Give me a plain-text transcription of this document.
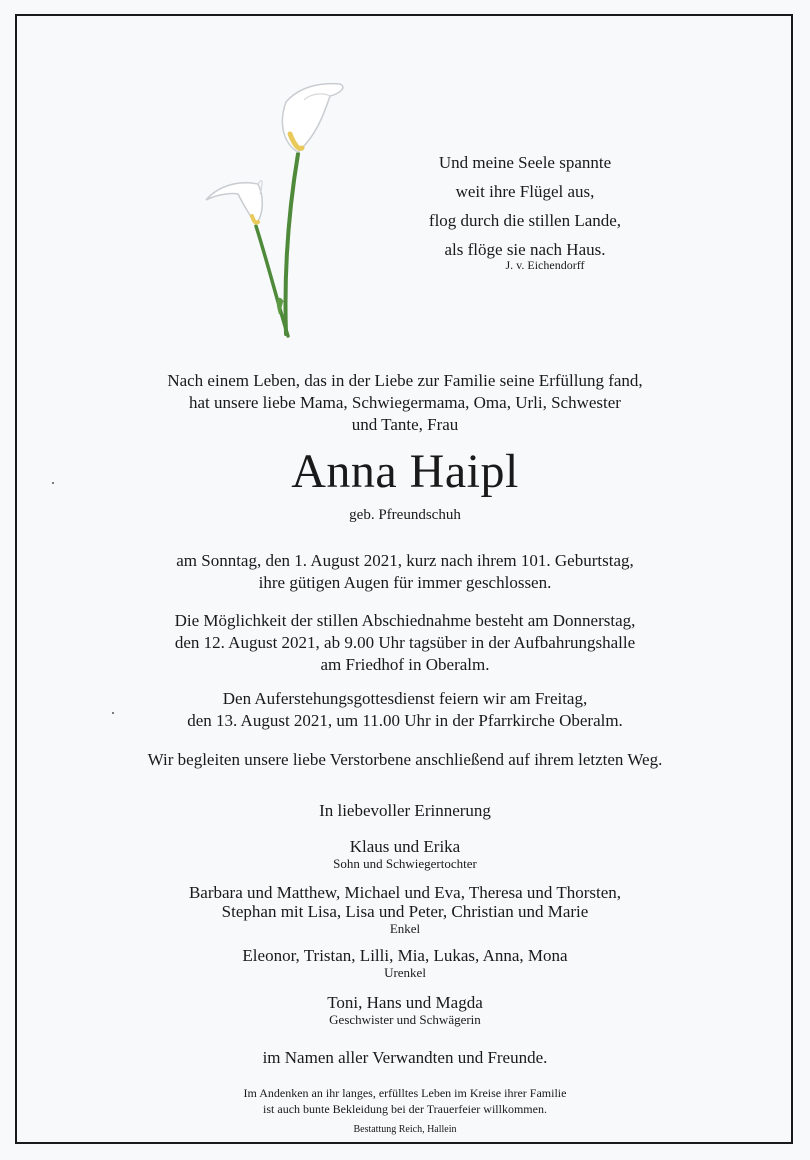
Und meine Seele spannte
weit ihre Flügel aus,
flog durch die stillen Lande,
als flöge sie nach Haus.
J. v. Eichendorff
Nach einem Leben, das in der Liebe zur Familie seine Erfüllung fand,
hat unsere liebe Mama, Schwiegermama, Oma, Urli, Schwester
und Tante, Frau
Anna Haipl
geb. Pfreundschuh
am Sonntag, den 1. August 2021, kurz nach ihrem 101. Geburtstag,
ihre gütigen Augen für immer geschlossen.
Die Möglichkeit der stillen Abschiednahme besteht am Donnerstag,
den 12. August 2021, ab 9.00 Uhr tagsüber in der Aufbahrungshalle
am Friedhof in Oberalm.
Den Auferstehungsgottesdienst feiern wir am Freitag,
den 13. August 2021, um 11.00 Uhr in der Pfarrkirche Oberalm.
Wir begleiten unsere liebe Verstorbene anschließend auf ihrem letzten Weg.
In liebevoller Erinnerung
Klaus und Erika
Sohn und Schwiegertochter
Barbara und Matthew, Michael und Eva, Theresa und Thorsten,
Stephan mit Lisa, Lisa und Peter, Christian und Marie
Enkel
Eleonor, Tristan, Lilli, Mia, Lukas, Anna, Mona
Urenkel
Toni, Hans und Magda
Geschwister und Schwägerin
im Namen aller Verwandten und Freunde.
Im Andenken an ihr langes, erfülltes Leben im Kreise ihrer Familie
ist auch bunte Bekleidung bei der Trauerfeier willkommen.
Bestattung Reich, Hallein
